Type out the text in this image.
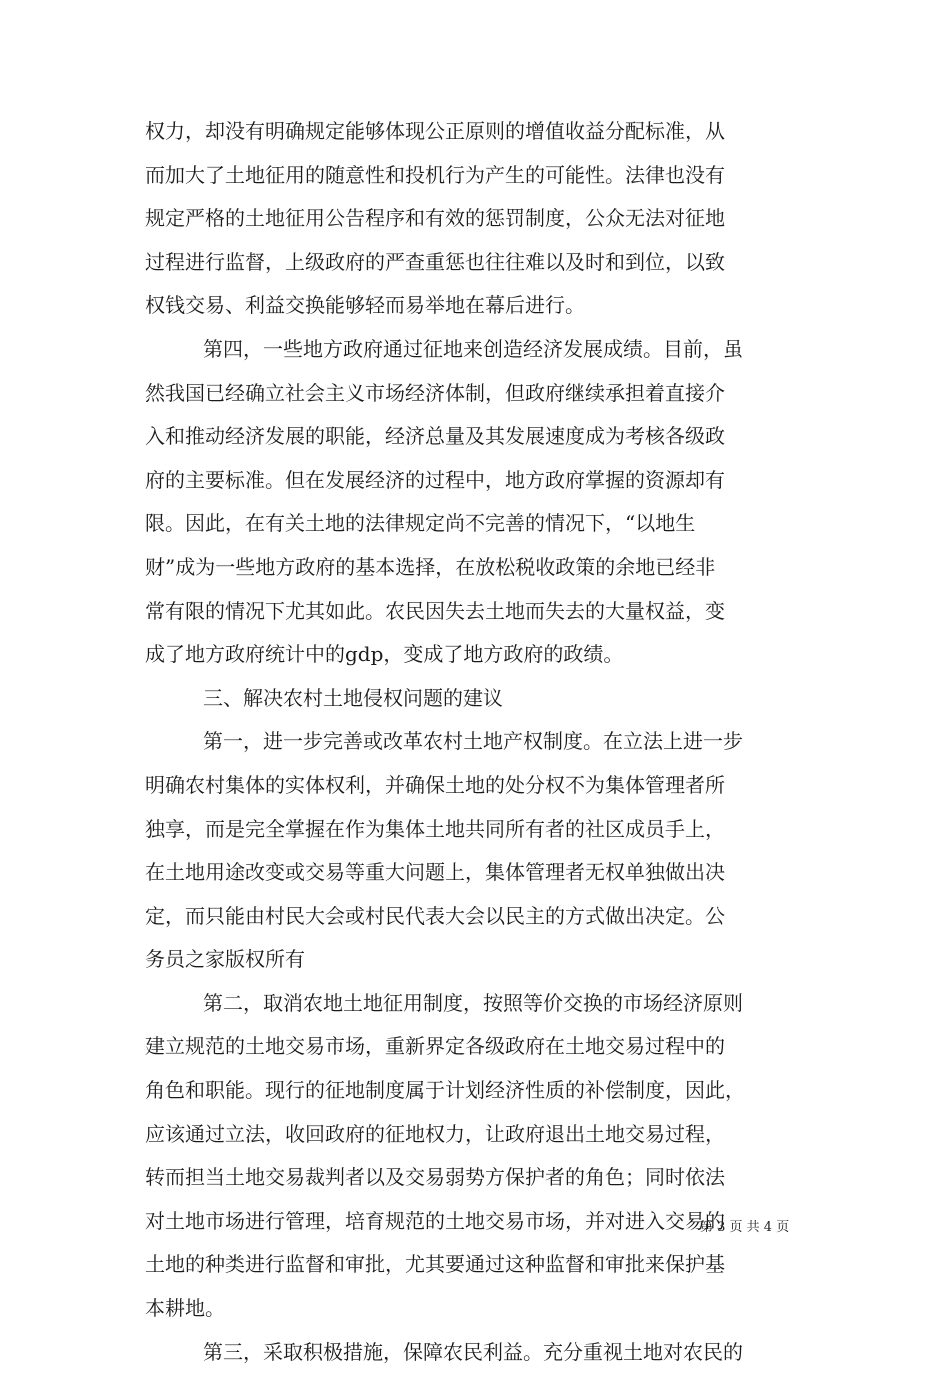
权力，却没有明确规定能够体现公正原则的增值收益分配标准，从
而加大了土地征用的随意性和投机行为产生的可能性。法律也没有
规定严格的土地征用公告程序和有效的惩罚制度，公众无法对征地
过程进行监督，上级政府的严查重惩也往往难以及时和到位，以致
权钱交易、利益交换能够轻而易举地在幕后进行。
第四，一些地方政府通过征地来创造经济发展成绩。目前，虽
然我国已经确立社会主义市场经济体制，但政府继续承担着直接介
入和推动经济发展的职能，经济总量及其发展速度成为考核各级政
府的主要标准。但在发展经济的过程中，地方政府掌握的资源却有
限。因此，在有关土地的法律规定尚不完善的情况下，“以地生
财”成为一些地方政府的基本选择，在放松税收政策的余地已经非
常有限的情况下尤其如此。农民因失去土地而失去的大量权益，变
成了地方政府统计中的gdp，变成了地方政府的政绩。
三、解决农村土地侵权问题的建议
第一，进一步完善或改革农村土地产权制度。在立法上进一步
明确农村集体的实体权利，并确保土地的处分权不为集体管理者所
独享，而是完全掌握在作为集体土地共同所有者的社区成员手上，
在土地用途改变或交易等重大问题上，集体管理者无权单独做出决
定，而只能由村民大会或村民代表大会以民主的方式做出决定。公
务员之家版权所有
第二，取消农地土地征用制度，按照等价交换的市场经济原则
建立规范的土地交易市场，重新界定各级政府在土地交易过程中的
角色和职能。现行的征地制度属于计划经济性质的补偿制度，因此，
应该通过立法，收回政府的征地权力，让政府退出土地交易过程，
转而担当土地交易裁判者以及交易弱势方保护者的角色；同时依法
对土地市场进行管理，培育规范的土地交易市场，并对进入交易的
土地的种类进行监督和审批，尤其要通过这种监督和审批来保护基
本耕地。
第三，采取积极措施，保障农民利益。充分重视土地对农民的
第 3 页 共 4 页
